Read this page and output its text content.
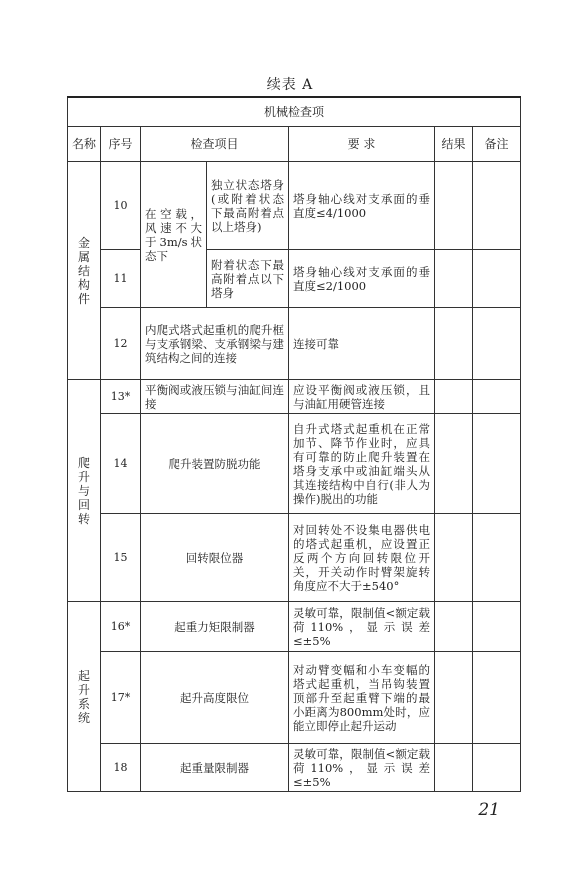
续表 A
机械检查项						
名称	序号	检查项目		要 求	结果	备注

金
属
结
构
件	10	在空载，风速不大于3m/s状态下	独立状态塔身(或附着状态下最高附着点以上塔身)	塔身轴心线对支承面的垂直度≤4/1000		
	11		附着状态下最高附着点以下塔身	塔身轴心线对支承面的垂直度≤2/1000		
	12	内爬式塔式起重机的爬升框与支承钢梁、支承钢梁与建筑结构之间的连接		连接可靠		

爬
升
与
回
转	13*	平衡阀或液压锁与油缸间连接		应设平衡阀或液压锁，且与油缸用硬管连接		
	14	爬升装置防脱功能		自升式塔式起重机在正常加节、降节作业时，应具有可靠的防止爬升装置在塔身支承中或油缸端头从其连接结构中自行(非人为操作)脱出的功能		
	15	回转限位器		对回转处不设集电器供电的塔式起重机，应设置正反两个方向回转限位开关，开关动作时臂架旋转角度应不大于±540°		

起
升
系
统	16*	起重力矩限制器		灵敏可靠，限制值<额定载荷110%，显示误差≤±5%		
	17*	起升高度限位		对动臂变幅和小车变幅的塔式起重机，当吊钩装置顶部升至起重臂下端的最小距离为800mm处时，应能立即停止起升运动		
	18	起重量限制器		灵敏可靠，限制值<额定载荷110%，显示误差≤±5%		
21
